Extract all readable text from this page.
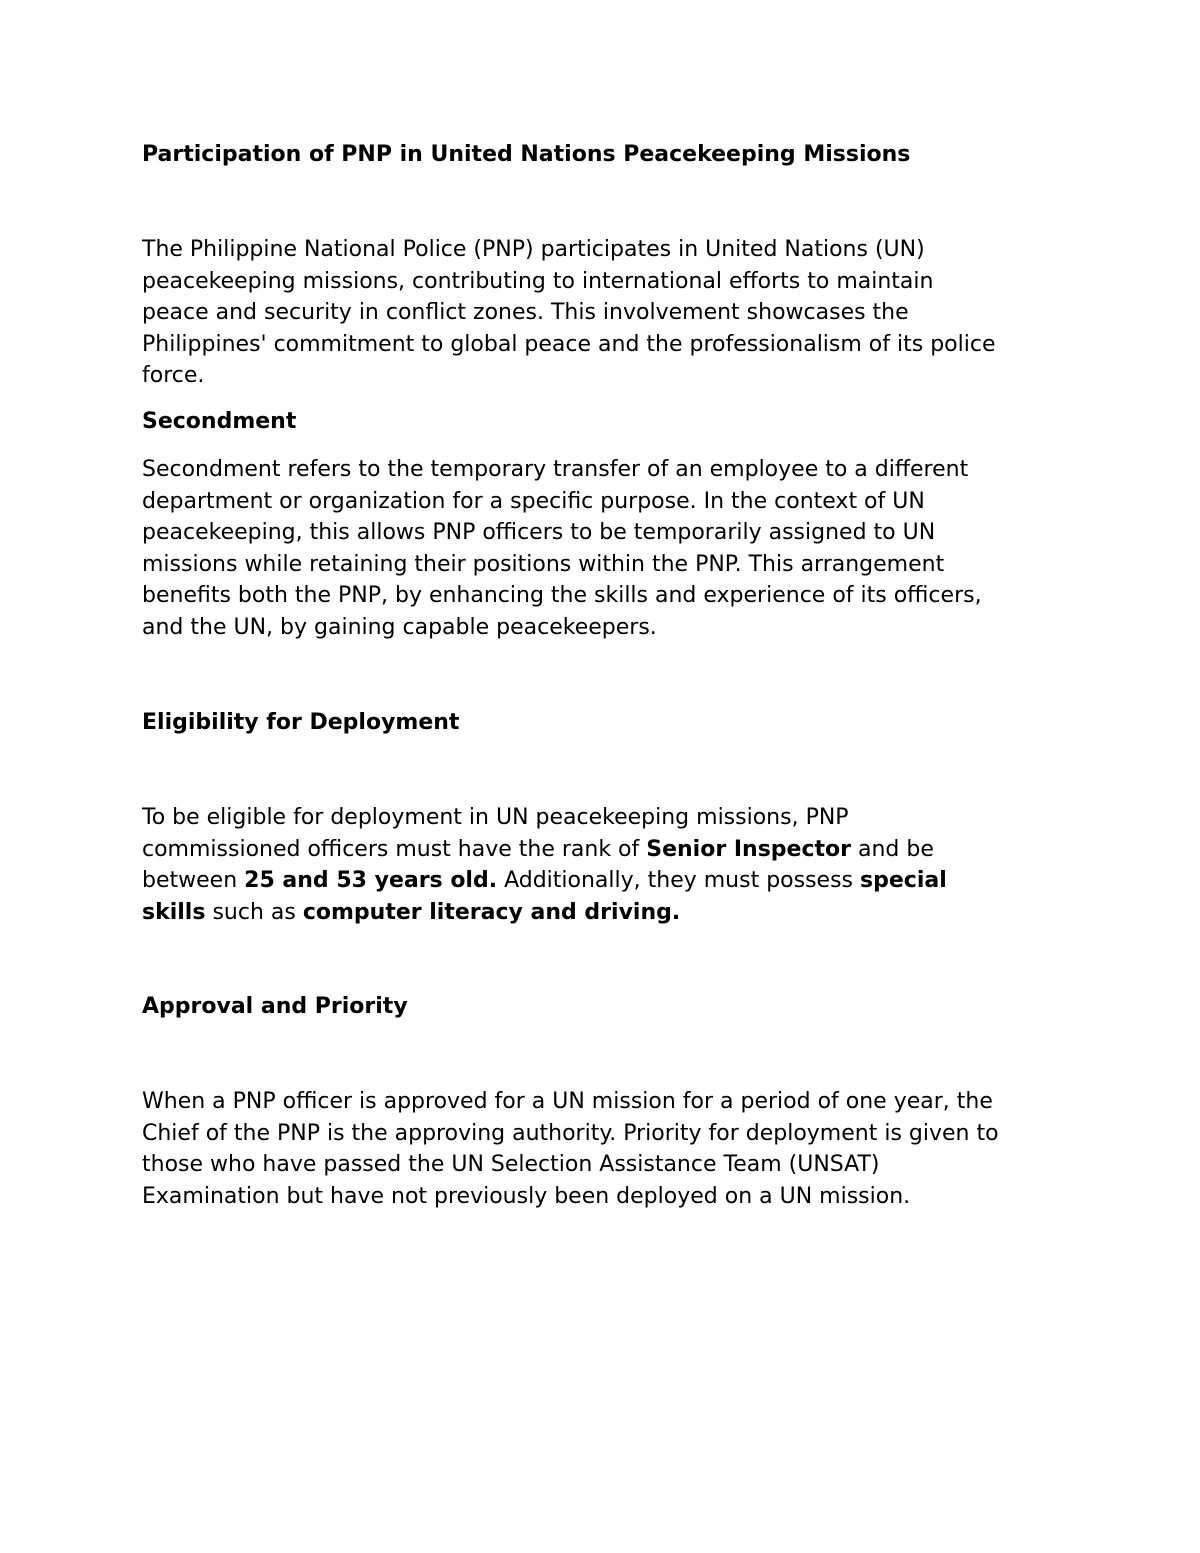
Participation of PNP in United Nations Peacekeeping Missions
The Philippine National Police (PNP) participates in United Nations (UN)
peacekeeping missions, contributing to international efforts to maintain
peace and security in conflict zones. This involvement showcases the
Philippines' commitment to global peace and the professionalism of its police
force.
Secondment
Secondment refers to the temporary transfer of an employee to a different
department or organization for a specific purpose. In the context of UN
peacekeeping, this allows PNP officers to be temporarily assigned to UN
missions while retaining their positions within the PNP. This arrangement
benefits both the PNP, by enhancing the skills and experience of its officers,
and the UN, by gaining capable peacekeepers.
Eligibility for Deployment
To be eligible for deployment in UN peacekeeping missions, PNP
commissioned officers must have the rank of Senior Inspector and be
between 25 and 53 years old. Additionally, they must possess special
skills such as computer literacy and driving.
Approval and Priority
When a PNP officer is approved for a UN mission for a period of one year, the
Chief of the PNP is the approving authority. Priority for deployment is given to
those who have passed the UN Selection Assistance Team (UNSAT)
Examination but have not previously been deployed on a UN mission.
